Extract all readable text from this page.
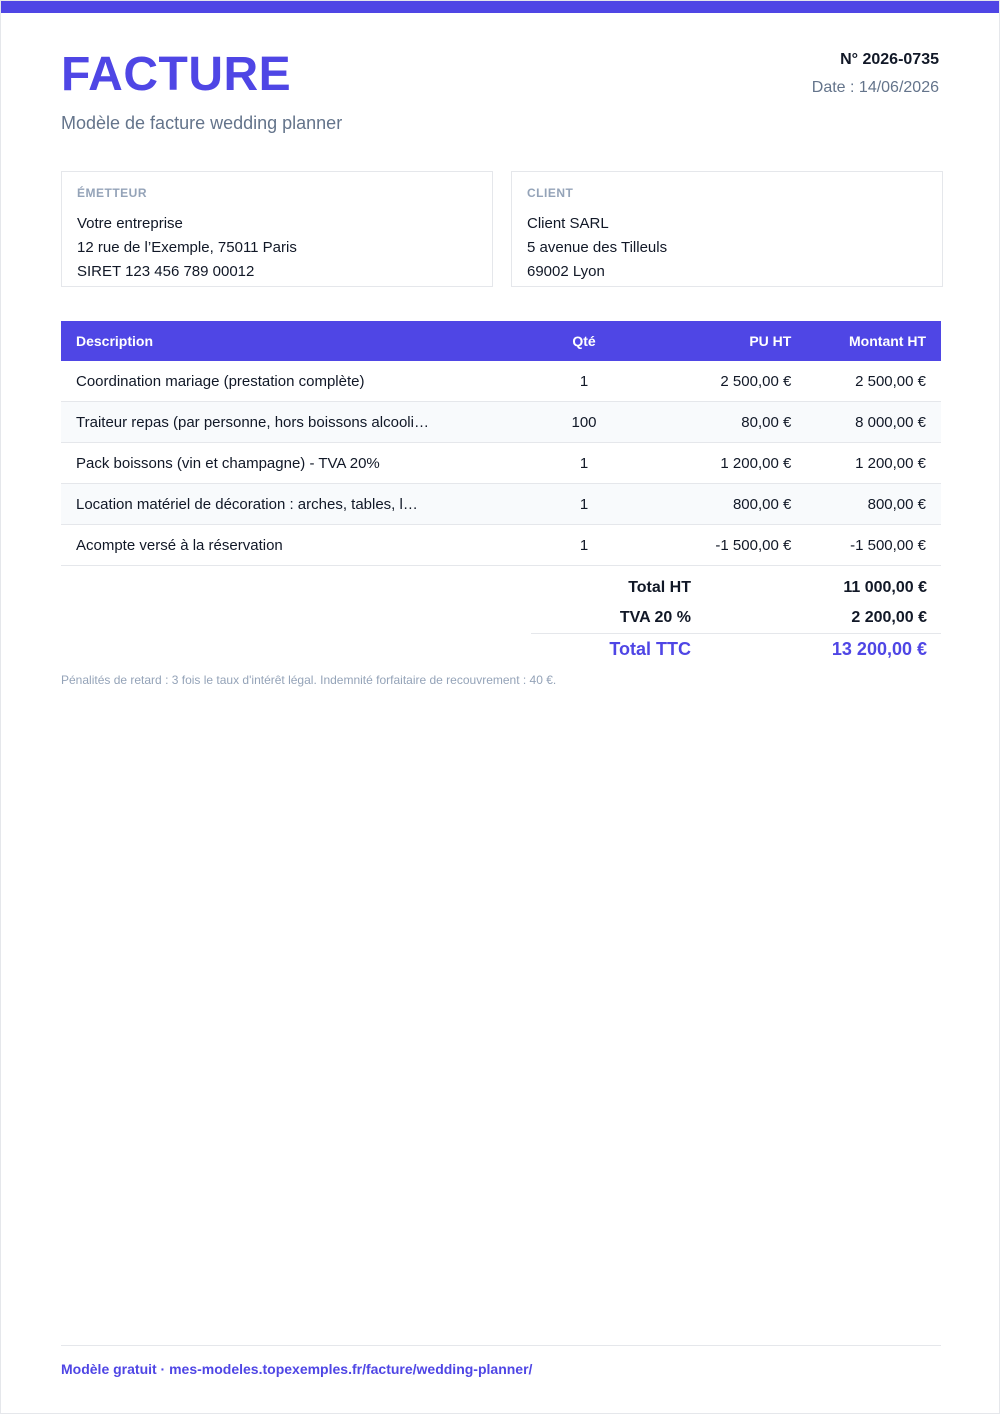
FACTURE
Modèle de facture wedding planner
N° 2026-0735
Date : 14/06/2026
ÉMETTEUR
Votre entreprise
12 rue de l’Exemple, 75011 Paris
SIRET 123 456 789 00012
CLIENT
Client SARL
5 avenue des Tilleuls
69002 Lyon
Description	Qté	PU HT	Montant HT

Coordination mariage (prestation complète)	1	2 500,00 €	2 500,00 €

Traiteur repas (par personne, hors boissons alcooli…	100	80,00 €	8 000,00 €

Pack boissons (vin et champagne) - TVA 20%	1	1 200,00 €	1 200,00 €

Location matériel de décoration : arches, tables, l…	1	800,00 €	800,00 €

Acompte versé à la réservation	1	-1 500,00 €	-1 500,00 €
Total HT	11 000,00 €
TVA 20 %	2 200,00 €
Total TTC	13 200,00 €
Pénalités de retard : 3 fois le taux d'intérêt légal. Indemnité forfaitaire de recouvrement : 40 €.
Modèle gratuit · mes-modeles.topexemples.fr/facture/wedding-planner/
